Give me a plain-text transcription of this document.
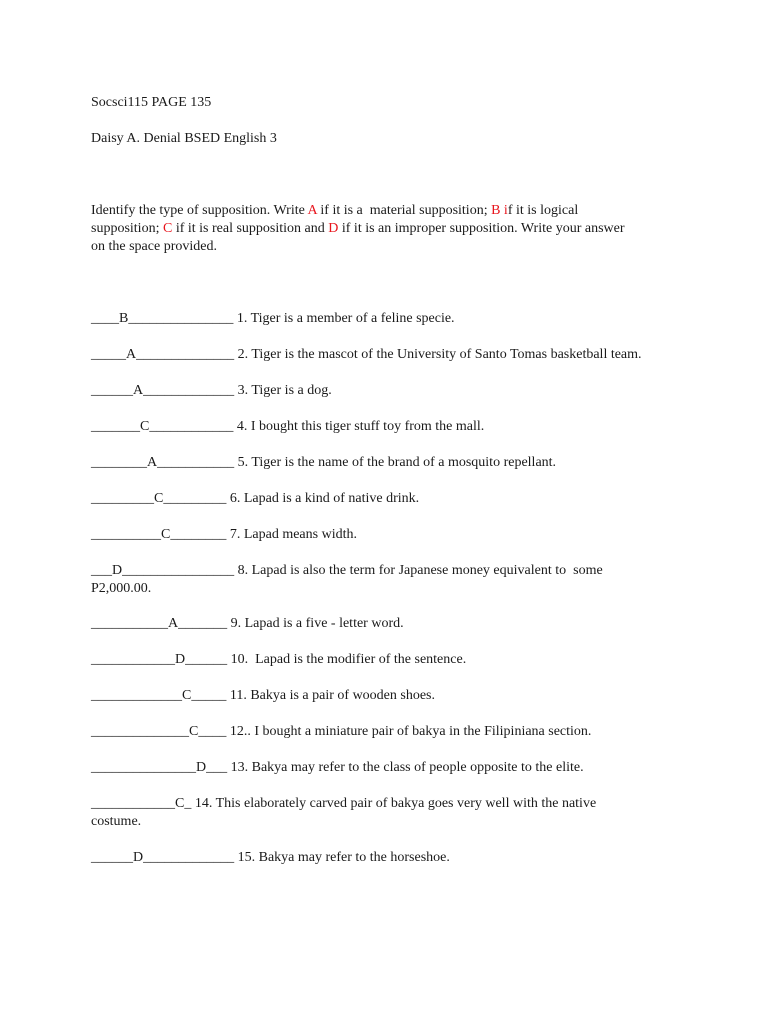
Socsci115 PAGE 135
Daisy A. Denial BSED English 3
Identify the type of supposition. Write A if it is a  material supposition; B if it is logical
supposition; C if it is real supposition and D if it is an improper supposition. Write your answer
on the space provided.
____B_______________ 1. Tiger is a member of a feline specie.
_____A______________ 2. Tiger is the mascot of the University of Santo Tomas basketball team.
______A_____________ 3. Tiger is a dog.
_______C____________ 4. I bought this tiger stuff toy from the mall.
________A___________ 5. Tiger is the name of the brand of a mosquito repellant.
_________C_________ 6. Lapad is a kind of native drink.
__________C________ 7. Lapad means width.
___D________________ 8. Lapad is also the term for Japanese money equivalent to  some
P2,000.00.
___________A_______ 9. Lapad is a five - letter word.
____________D______ 10.  Lapad is the modifier of the sentence.
_____________C_____ 11. Bakya is a pair of wooden shoes.
______________C____ 12.. I bought a miniature pair of bakya in the Filipiniana section.
_______________D___ 13. Bakya may refer to the class of people opposite to the elite.
____________C_ 14. This elaborately carved pair of bakya goes very well with the native
costume.
______D_____________ 15. Bakya may refer to the horseshoe.
